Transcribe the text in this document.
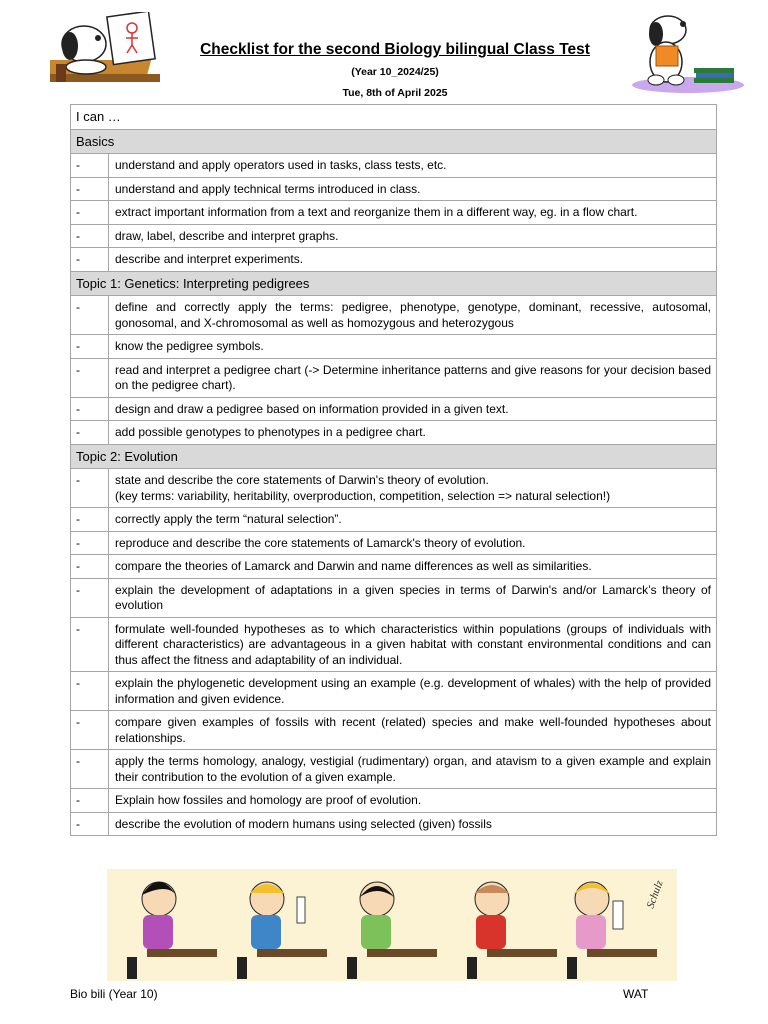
Checklist for the second Biology bilingual Class Test
(Year 10_2024/25)
Tue, 8th of April 2025
I can …	
Basics	
-	understand and apply operators used in tasks, class tests, etc.
-	understand and apply technical terms introduced in class.
-	extract important information from a text and reorganize them in a different way, eg. in a flow chart.
-	draw, label, describe and interpret graphs.
-	describe and interpret experiments.
Topic 1: Genetics: Interpreting pedigrees	
-	define and correctly apply the terms: pedigree, phenotype, genotype, dominant, recessive, autosomal, gonosomal, and X-chromosomal as well as homozygous and heterozygous
-	know the pedigree symbols.
-	read and interpret a pedigree chart (-> Determine inheritance patterns and give reasons for your decision based on the pedigree chart).
-	design and draw a pedigree based on information provided in a given text.
-	add possible genotypes to phenotypes in a pedigree chart.
Topic 2: Evolution	
-	state and describe the core statements of Darwin's theory of evolution.
(key terms: variability, heritability, overproduction, competition, selection => natural selection!)
-	correctly apply the term “natural selection”.
-	reproduce and describe the core statements of Lamarck's theory of evolution.
-	compare the theories of Lamarck and Darwin and name differences as well as similarities.
-	explain the development of adaptations in a given species in terms of Darwin's and/or Lamarck’s theory of evolution
-	formulate well-founded hypotheses as to which characteristics within populations (groups of individuals with different characteristics) are advantageous in a given habitat with constant environmental conditions and can thus affect the fitness and adaptability of an individual.
-	explain the phylogenetic development using an example (e.g. development of whales) with the help of provided information and given evidence.
-	compare given examples of fossils with recent (related) species and make well-founded hypotheses about relationships.
-	apply the terms homology, analogy, vestigial (rudimentary) organ, and atavism to a given example and explain their contribution to the evolution of a given example.
-	Explain how fossiles and homology are proof of evolution.
-	describe the evolution of modern humans using selected (given) fossils
Schulz
Bio bili (Year 10)	WAT
